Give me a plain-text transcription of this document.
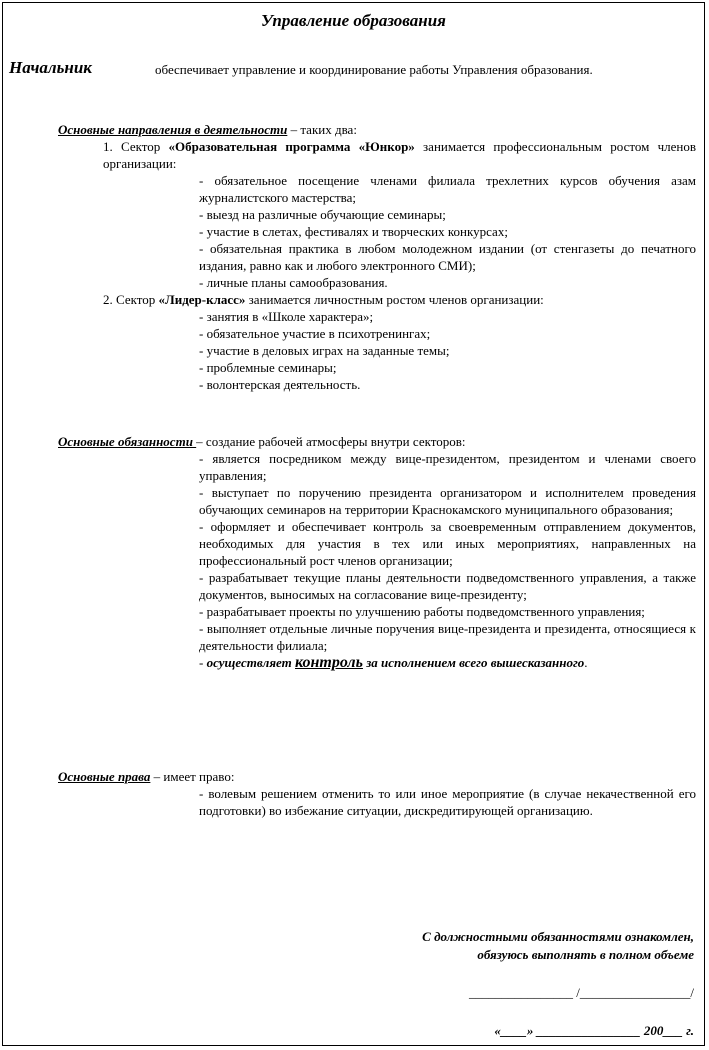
Управление образования
Начальник	обеспечивает управление и координирование работы Управления образования.
Основные направления в деятельности – таких два:
1. Сектор «Образовательная программа «Юнкор» занимается профессиональным ростом членов организации:
- обязательное посещение членами филиала трехлетних курсов обучения азам журналистского мастерства;
- выезд на различные обучающие семинары;
- участие в слетах, фестивалях и творческих конкурсах;
- обязательная практика в любом молодежном издании (от стенгазеты до печатного издания, равно как и любого электронного СМИ);
- личные планы самообразования.
2. Сектор «Лидер-класс» занимается личностным ростом членов организации:
- занятия в «Школе характера»;
- обязательное участие в психотренингах;
- участие в деловых играх на заданные темы;
- проблемные семинары;
- волонтерская деятельность.
Основные обязанности – создание рабочей атмосферы внутри секторов:
- является посредником между вице-президентом, президентом и членами своего управления;
- выступает по поручению президента организатором и исполнителем проведения обучающих семинаров на территории Краснокамского муниципального образования;
- оформляет и обеспечивает контроль за своевременным отправлением документов, необходимых для участия в тех или иных мероприятиях, направленных на профессиональный рост членов организации;
- разрабатывает текущие планы деятельности подведомственного управления, а также документов, выносимых на согласование вице-президенту;
- разрабатывает проекты по улучшению работы подведомственного управления;
- выполняет отдельные личные поручения вице-президента и президента, относящиеся к деятельности филиала;
- осуществляет контроль за исполнением всего вышесказанного.
Основные права – имеет право:
- волевым решением отменить то или иное мероприятие (в случае некачественной его подготовки) во избежание ситуации, дискредитирующей организацию.
С должностными обязанностями ознакомлен,
обязуюсь выполнять в полном объеме
________________ /_________________/
«____» ________________ 200___ г.
